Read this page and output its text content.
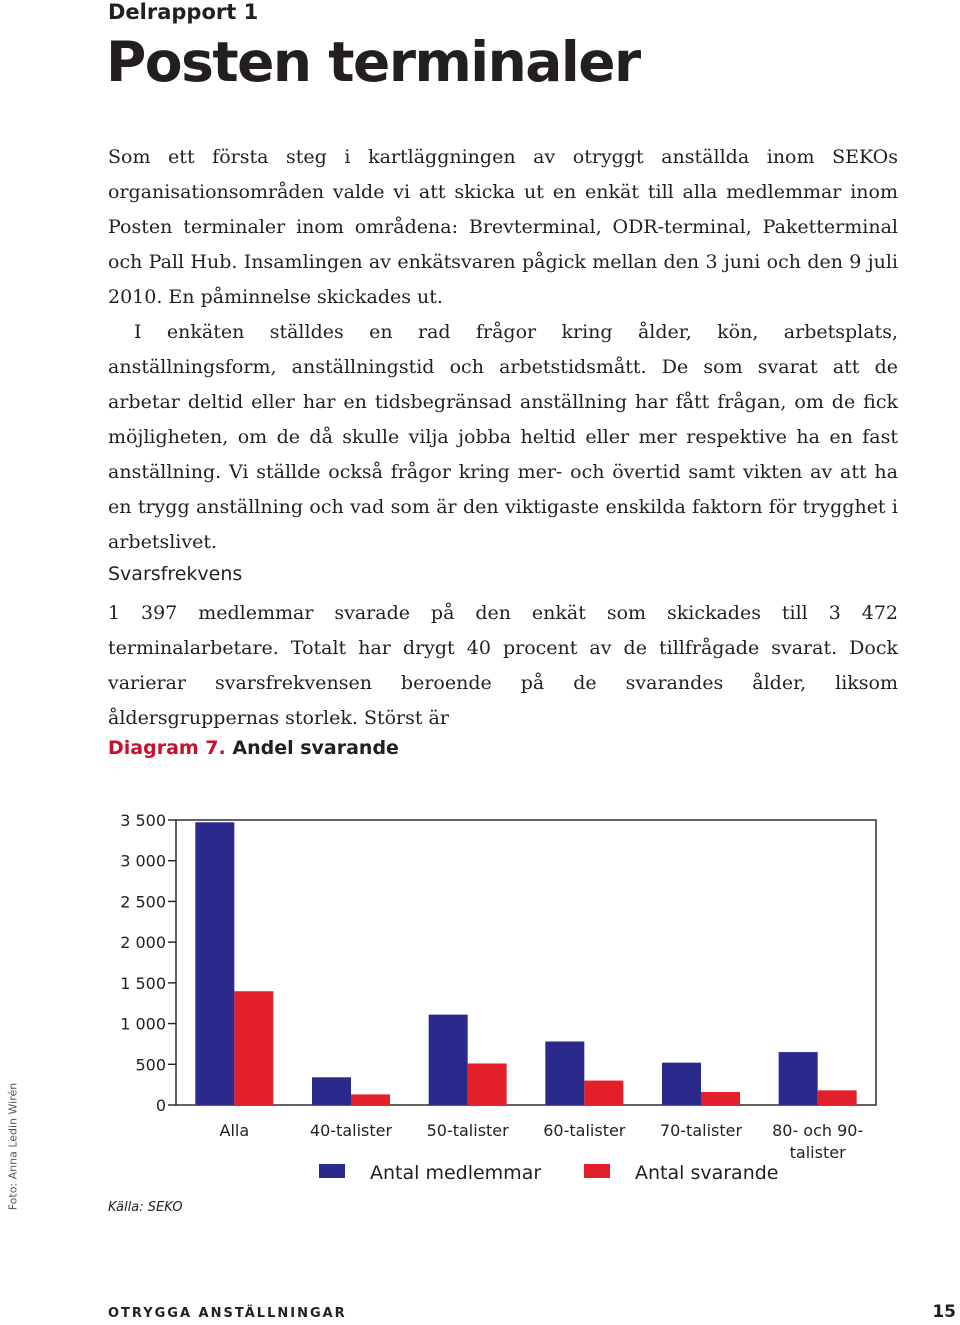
Delrapport 1
Posten terminaler

Som ett första steg i kartläggningen av otryggt anställda inom SEKOs organisationsområden valde vi att skicka ut en enkät till alla medlemmar inom Posten terminaler inom områdena: Brevterminal, ODR-terminal, Paketterminal och Pall Hub. Insamlingen av enkätsvaren pågick mellan den 3 juni och den 9 juli 2010. En påminnelse skickades ut.

I enkäten ställdes en rad frågor kring ålder, kön, arbetsplats, anställningsform, anställningstid och arbetstidsmått. De som svarat att de arbetar deltid eller har en tidsbegränsad anställning har fått frågan, om de fick möjligheten, om de då skulle vilja jobba heltid eller mer respektive ha en fast anställning. Vi ställde också frågor kring mer- och övertid samt vikten av att ha en trygg anställning och vad som är den viktigaste enskilda faktorn för trygghet i arbetslivet.

Svarsfrekvens

1 397 medlemmar svarade på den enkät som skickades till 3 472 terminalarbetare. Totalt har drygt 40 procent av de tillfrågade svarat. Dock varierar svarsfrekvensen beroende på de svarandes ålder, liksom åldersgruppernas storlek. Störst är

Diagram 7. Andel svarande
0
500
1 000
1 500
2 000
2 500
3 000
3 500
Alla	40-talister 50-talister 60-talister 70-talister 80- och 90-
talister
Antal medlemmar	Antal svarande
Källa: SEKO
Foto: Anna Ledin Wirén
OTRYGGA ANSTÄLLNINGAR	15
